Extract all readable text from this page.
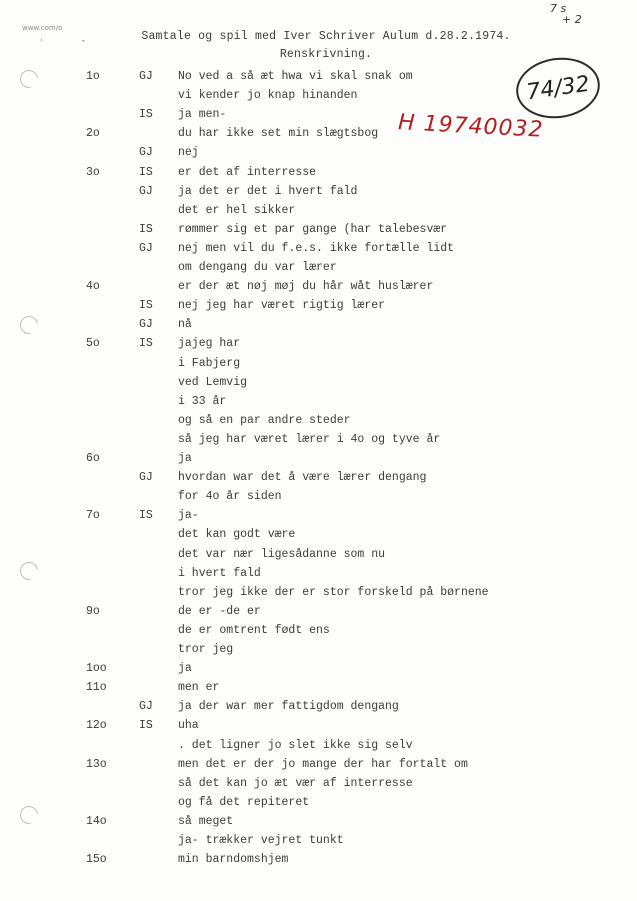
www.com/o
· -
7 s
+ 2
Samtale og spil med Iver Schriver Aulum d.28.2.1974.
Renskrivning.
74/32
H 19740032
1o	GJ No ved a så æt hwa vi skal snak om
vi kender jo knap hinanden
IS ja men-
2o	du har ikke set min slægtsbog
GJ nej
3o	IS er det af interresse
GJ ja det er det i hvert fald
det er hel sikker
IS rømmer sig et par gange (har talebesvær
GJ nej men vil du f.e.s. ikke fortælle lidt
om dengang du var lærer
4o	er der æt nøj møj du hår wåt huslærer
IS nej jeg har været rigtig lærer
GJ nå
5o	IS jajeg har
i Fabjerg
ved Lemvig
i 33 år
og så en par andre steder
så jeg har været lærer i 4o og tyve år
6o	ja
GJ hvordan war det å være lærer dengang
for 4o år siden
7o	IS ja-
det kan godt være
det var nær ligesådanne som nu
i hvert fald
tror jeg ikke der er stor forskeld på børnene
9o	de er -de er
de er omtrent født ens
tror jeg
1oo	ja
11o	men er
GJ ja der war mer fattigdom dengang
12o	IS uha
. det ligner jo slet ikke sig selv
13o	men det er der jo mange der har fortalt om
så det kan jo æt vær af interresse
og få det repiteret
14o	så meget
ja- trækker vejret tunkt
15o	min barndomshjem
